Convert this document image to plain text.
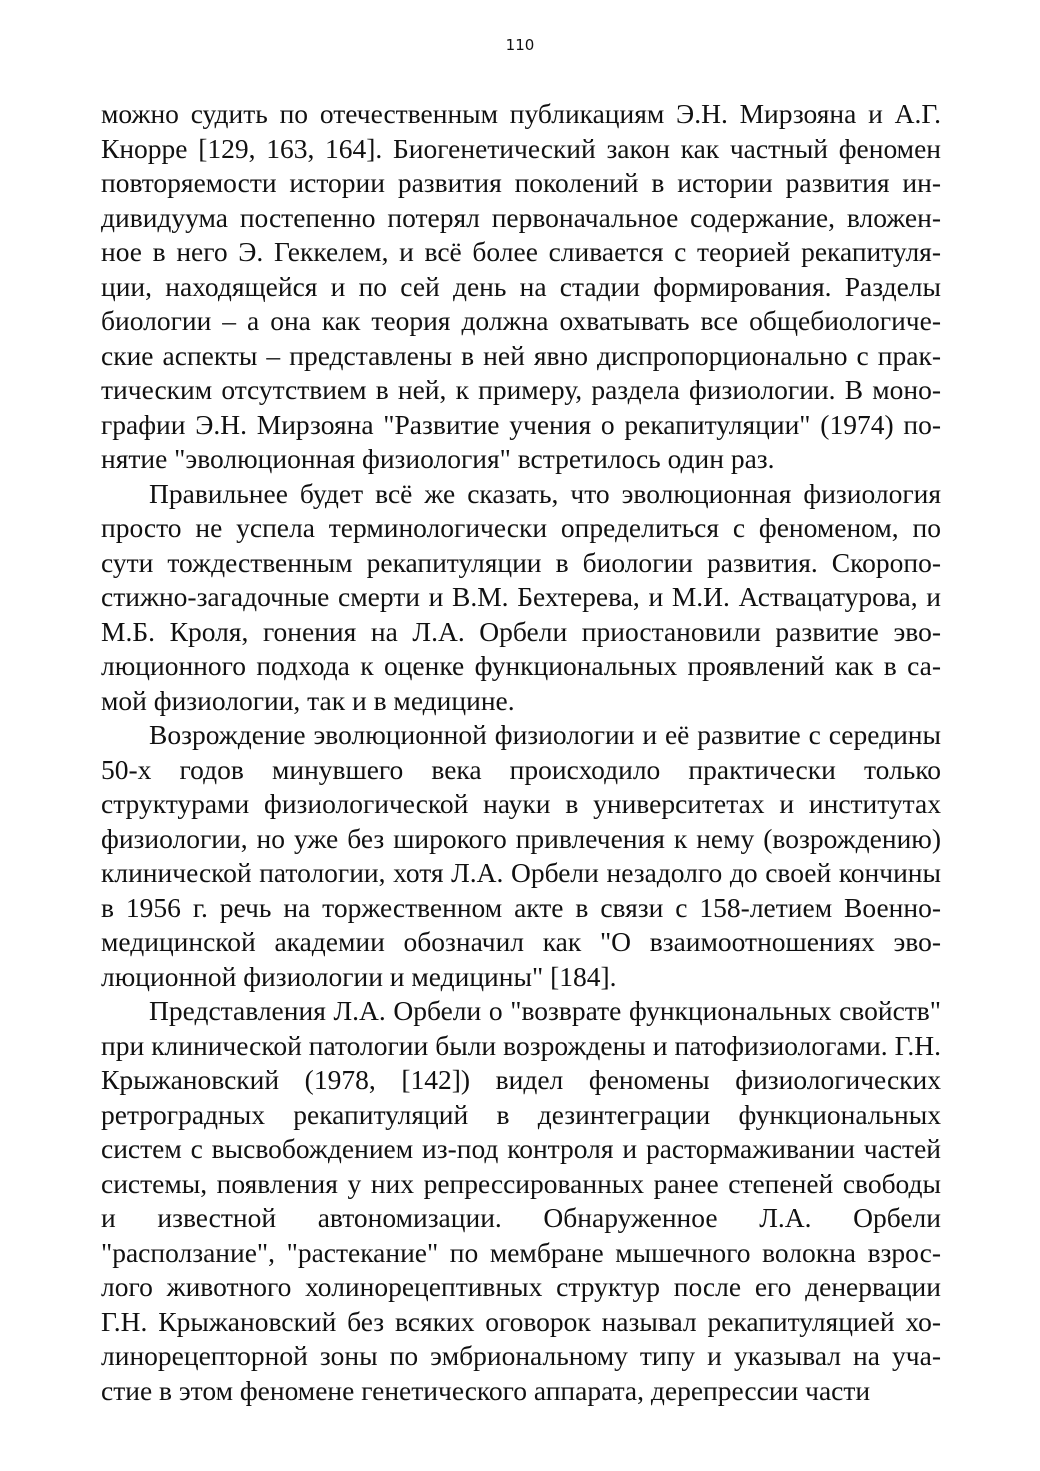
110

можно судить по отечественным публикациям Э.Н. Мирзояна и А.Г. Кнорре [129, 163, 164]. Биогенетический закон как частный феномен повторяемости истории развития поколений в истории развития индивидуума постепенно потерял первоначальное содержание, вложенное в него Э. Геккелем, и всё более сливается с теорией рекапитуляции, находящейся и по сей день на стадии формирования. Разделы биологии – а она как теория должна охватывать все общебиологические аспекты – представлены в ней явно диспропорционально с практическим отсутствием в ней, к примеру, раздела физиологии. В монографии Э.Н. Мирзояна "Развитие учения о рекапитуляции" (1974) понятие "эволюционная физиология" встретилось один раз.

Правильнее будет всё же сказать, что эволюционная физиология просто не успела терминологически определиться с феноменом, по сути тождественным рекапитуляции в биологии развития. Скоропостижно-загадочные смерти и В.М. Бехтерева, и М.И. Аствацатурова, и М.Б. Кроля, гонения на Л.А. Орбели приостановили развитие эволюционного подхода к оценке функциональных проявлений как в самой физиологии, так и в медицине.

Возрождение эволюционной физиологии и её развитие с середины 50-х годов минувшего века происходило практически только структурами физиологической науки в университетах и институтах физиологии, но уже без широкого привлечения к нему (возрождению) клинической патологии, хотя Л.А. Орбели незадолго до своей кончины в 1956 г. речь на торжественном акте в связи с 158-летием Военно-медицинской академии обозначил как "О взаимоотношениях эволюционной физиологии и медицины" [184].

Представления Л.А. Орбели о "возврате функциональных свойств" при клинической патологии были возрождены и патофизиологами. Г.Н. Крыжановский (1978, [142]) видел феномены физиологических ретроградных рекапитуляций в дезинтеграции функциональных систем с высвобождением из-под контроля и растормаживании частей системы, появления у них репрессированных ранее степеней свободы и известной автономизации. Обнаруженное Л.А. Орбели "расползание", "растекание" по мембране мышечного волокна взрослого животного холинорецептивных структур после его денервации Г.Н. Крыжановский без всяких оговорок называл рекапитуляцией холинорецепторной зоны по эмбриональному типу и указывал на участие в этом феномене генетического аппарата, дерепрессии части
